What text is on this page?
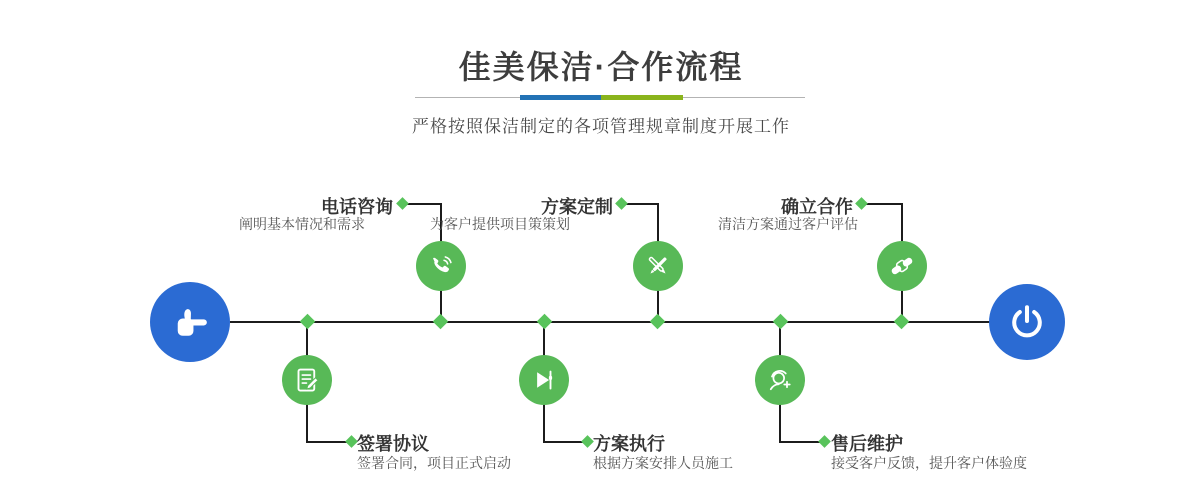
佳美保洁·合作流程

严格按照保洁制定的各项管理规章制度开展工作

电话咨询

阐明基本情况和需求

方案定制

为客户提供项目策策划

确立合作

清洁方案通过客户评估

签署协议

签署合同，项目正式启动

方案执行

根据方案安排人员施工

售后维护

接受客户反馈，提升客户体验度
